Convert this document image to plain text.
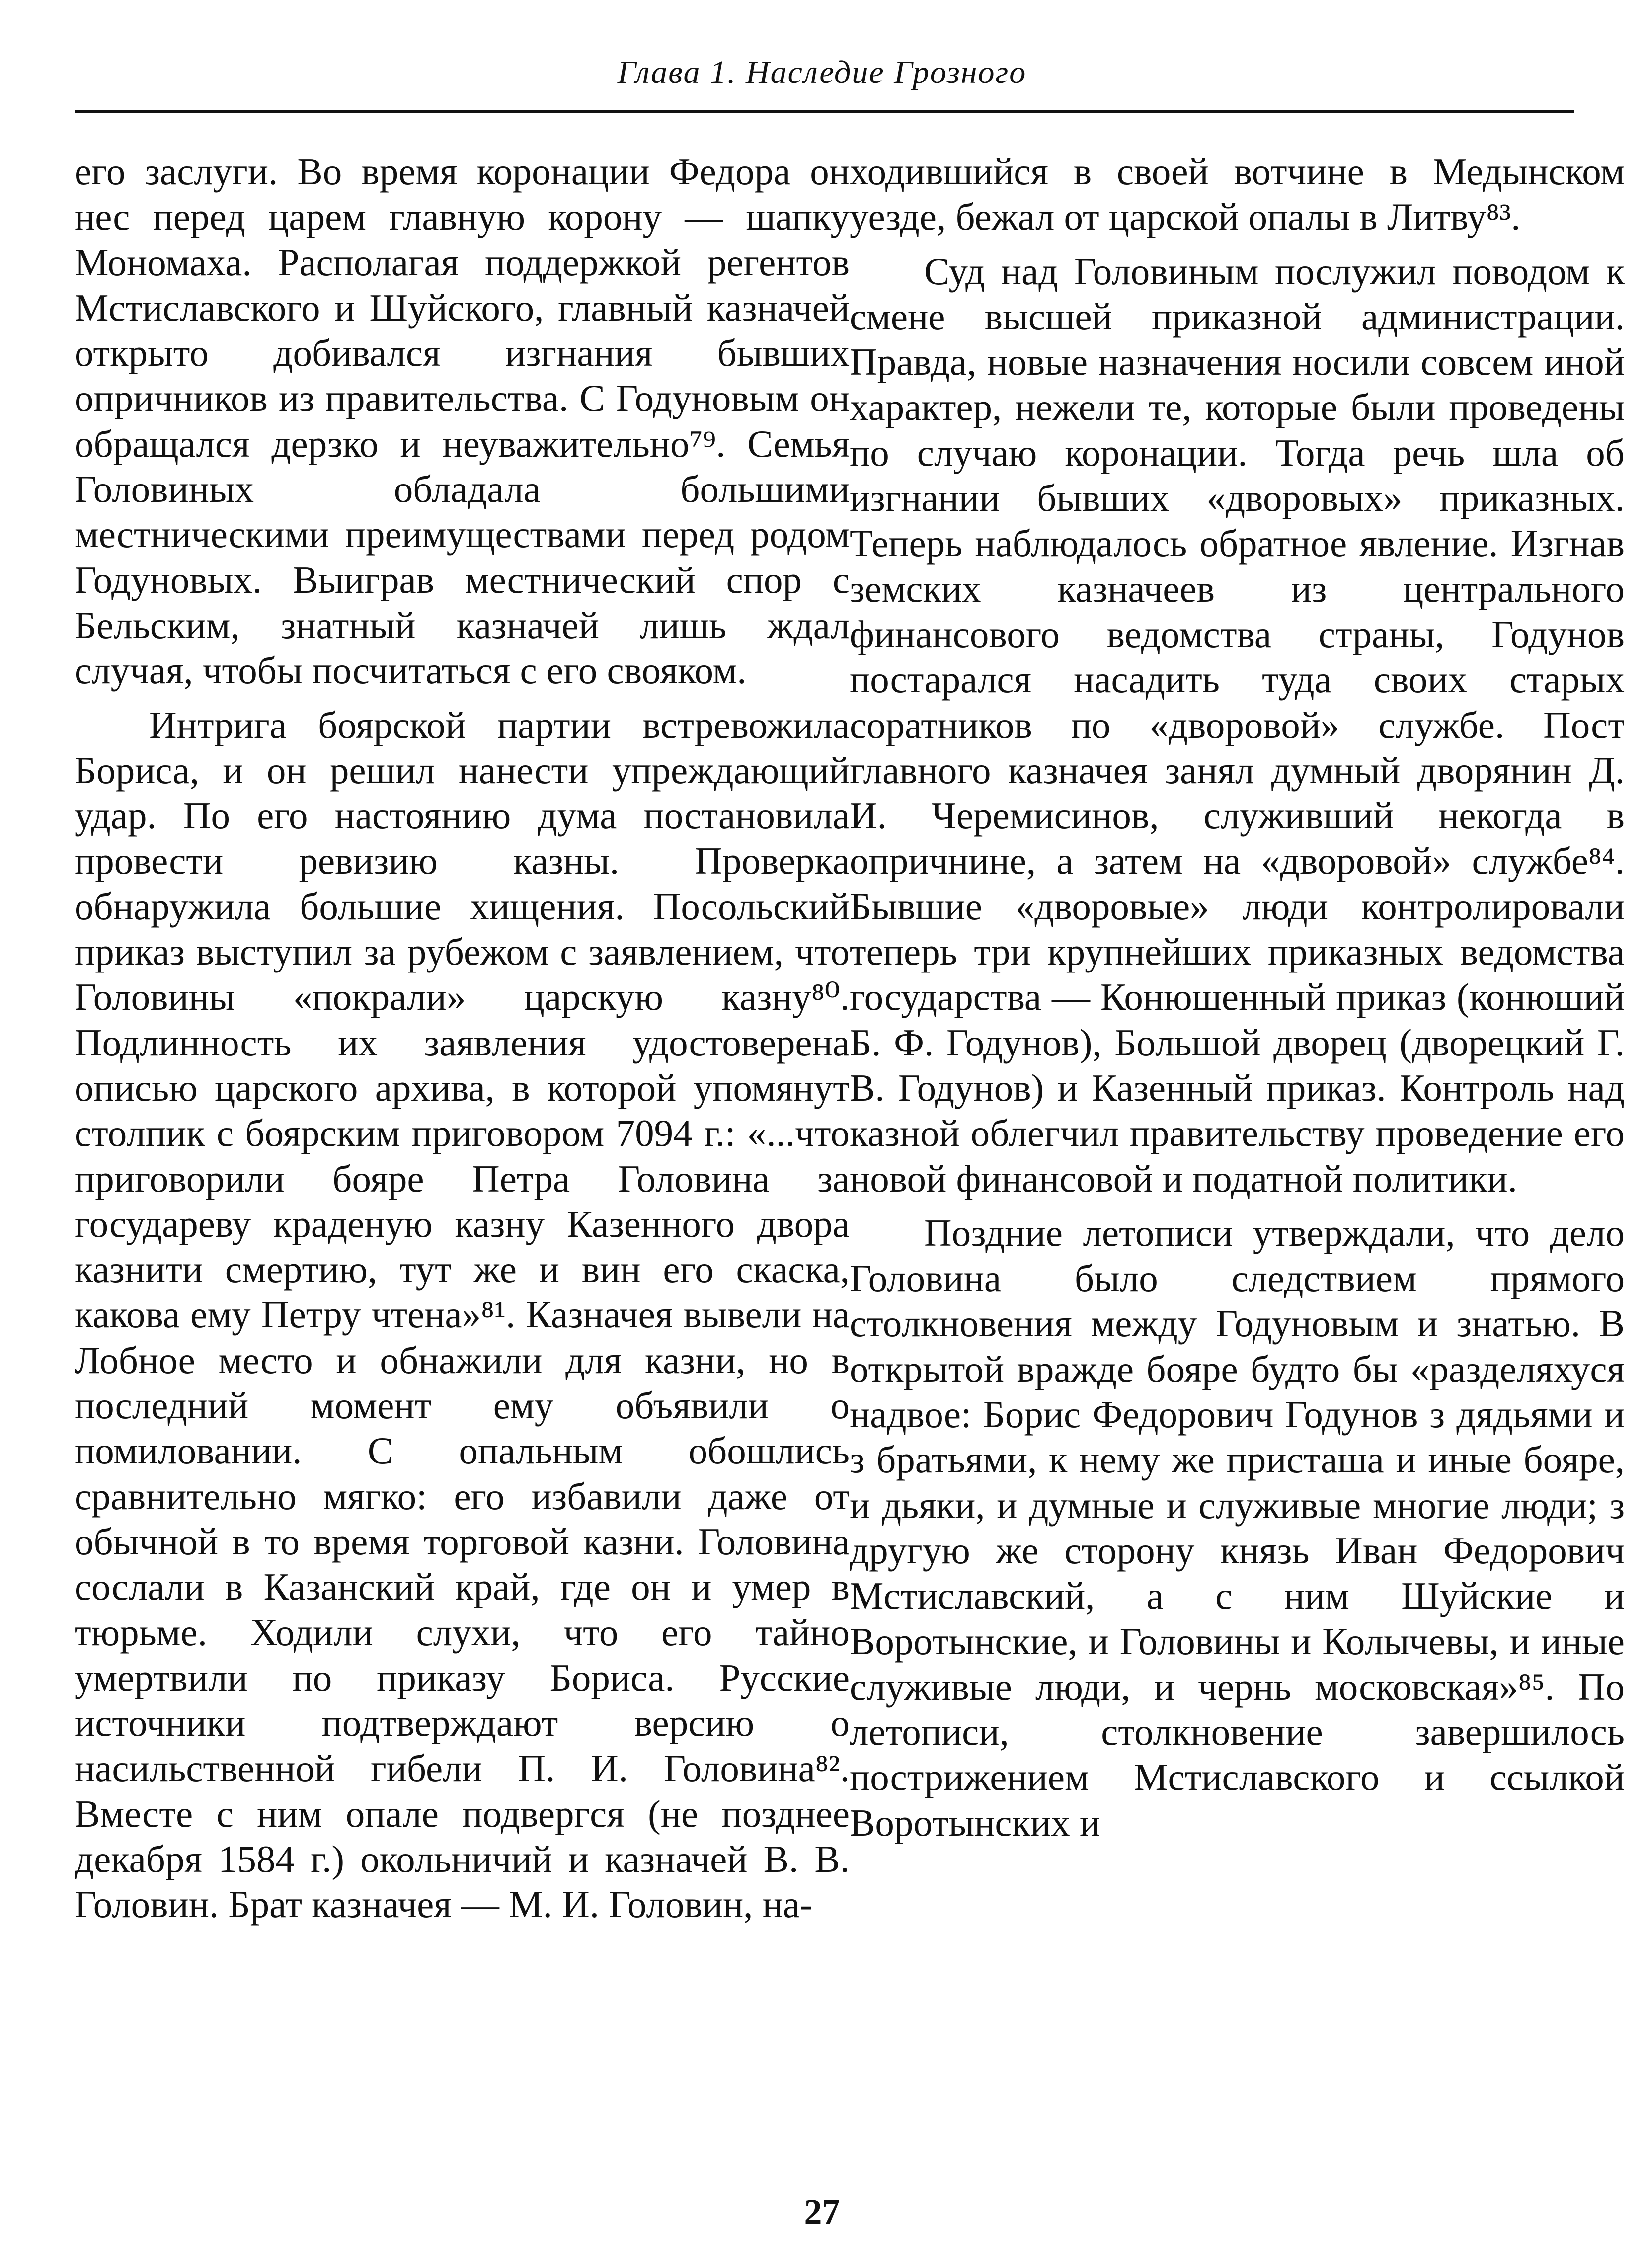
Глава 1. Наследие Грозного

его заслуги. Во время коронации Федора он нес перед царем главную корону — шапку Мономаха. Располагая поддержкой регентов Мстиславского и Шуйского, главный казначей открыто добивался изгнания бывших опричников из правительства. С Годуновым он обращался дерзко и неуважительно⁷⁹. Семья Головиных обладала большими местническими преимуществами перед родом Годуновых. Выиграв местнический спор с Бельским, знатный казначей лишь ждал случая, чтобы посчитаться с его свояком.

Интрига боярской партии встревожила Бориса, и он решил нанести упреждающий удар. По его настоянию дума постановила провести ревизию казны. Проверка обнаружила большие хищения. Посольский приказ выступил за рубежом с заявлением, что Головины «покрали» царскую казну⁸⁰. Подлинность их заявления удостоверена описью царского архива, в которой упомянут столпик с боярским приговором 7094 г.: «...что приговорили бояре Петра Головина за государеву краденую казну Казенного двора казнити смертию, тут же и вин его скаска, какова ему Петру чтена»⁸¹. Казначея вывели на Лобное место и обнажили для казни, но в последний момент ему объявили о помиловании. С опальным обошлись сравнительно мягко: его избавили даже от обычной в то время торговой казни. Головина сослали в Казанский край, где он и умер в тюрьме. Ходили слухи, что его тайно умертвили по приказу Бориса. Русские источники подтверждают версию о насильственной гибели П. И. Головина⁸². Вместе с ним опале подвергся (не позднее декабря 1584 г.) окольничий и казначей В. В. Головин. Брат казначея — М. И. Головин, на-

ходившийся в своей вотчине в Медынском уезде, бежал от царской опалы в Литву⁸³.

Суд над Головиным послужил поводом к смене высшей приказной администрации. Правда, новые назначения носили совсем иной характер, нежели те, которые были проведены по случаю коронации. Тогда речь шла об изгнании бывших «дворовых» приказных. Теперь наблюдалось обратное явление. Изгнав земских казначеев из центрального финансового ведомства страны, Годунов постарался насадить туда своих старых соратников по «дворовой» службе. Пост главного казначея занял думный дворянин Д. И. Черемисинов, служивший некогда в опричнине, а затем на «дворовой» службе⁸⁴. Бывшие «дворовые» люди контролировали теперь три крупнейших приказных ведомства государства — Конюшенный приказ (конюший Б. Ф. Годунов), Большой дворец (дворецкий Г. В. Годунов) и Казенный приказ. Контроль над казной облегчил правительству проведение его новой финансовой и податной политики.

Поздние летописи утверждали, что дело Головина было следствием прямого столкновения между Годуновым и знатью. В открытой вражде бояре будто бы «разделяхуся надвое: Борис Федорович Годунов з дядьями и з братьями, к нему же присташа и иные бояре, и дьяки, и думные и служивые многие люди; з другую же сторону князь Иван Федорович Мстиславский, а с ним Шуйские и Воротынские, и Головины и Колычевы, и иные служивые люди, и чернь московская»⁸⁵. По летописи, столкновение завершилось пострижением Мстиславского и ссылкой Воротынских и

27
